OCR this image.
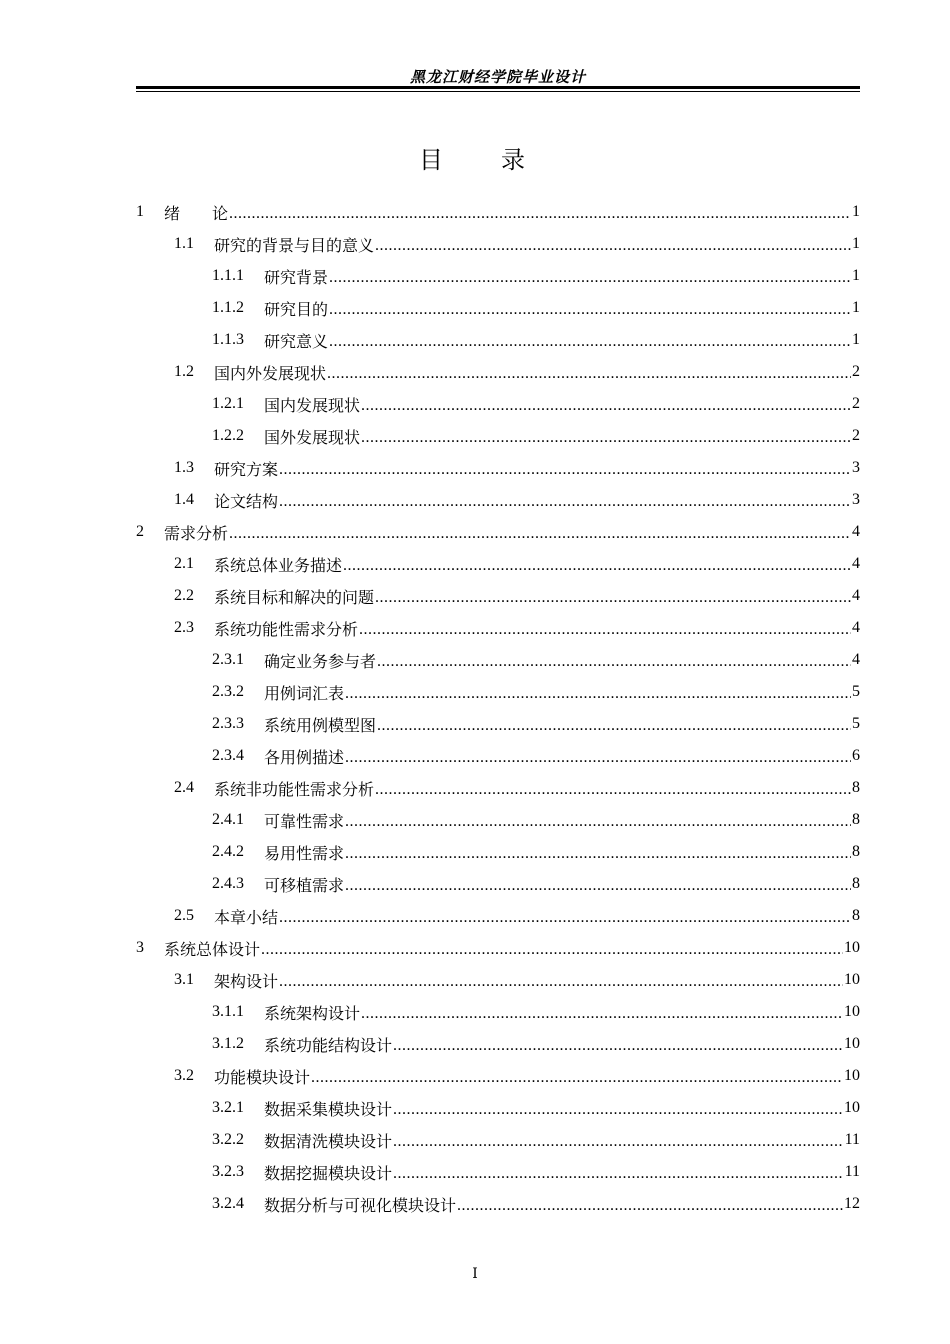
黑龙江财经学院毕业设计
目 录
1	绪　　论 .....	1
1.1	研究的背景与目的意义 .....	1
1.1.1	研究背景 .....	1
1.1.2	研究目的 .....	1
1.1.3	研究意义 .....	1
1.2	国内外发展现状 .....	2
1.2.1	国内发展现状 .....	2
1.2.2	国外发展现状 .....	2
1.3	研究方案 .....	3
1.4	论文结构 .....	3
2	需求分析 .....	4
2.1	系统总体业务描述 .....	4
2.2	系统目标和解决的问题 .....	4
2.3	系统功能性需求分析 .....	4
2.3.1	确定业务参与者 .....	4
2.3.2	用例词汇表 .....	5
2.3.3	系统用例模型图 .....	5
2.3.4	各用例描述 .....	6
2.4	系统非功能性需求分析 .....	8
2.4.1	可靠性需求 .....	8
2.4.2	易用性需求 .....	8
2.4.3	可移植需求 .....	8
2.5	本章小结 .....	8
3	系统总体设计 .....	10
3.1	架构设计 .....	10
3.1.1	系统架构设计 .....	10
3.1.2	系统功能结构设计 .....	10
3.2	功能模块设计 .....	10
3.2.1	数据采集模块设计 .....	10
3.2.2	数据清洗模块设计 .....	11
3.2.3	数据挖掘模块设计 .....	11
3.2.4	数据分析与可视化模块设计 .....	12
I
